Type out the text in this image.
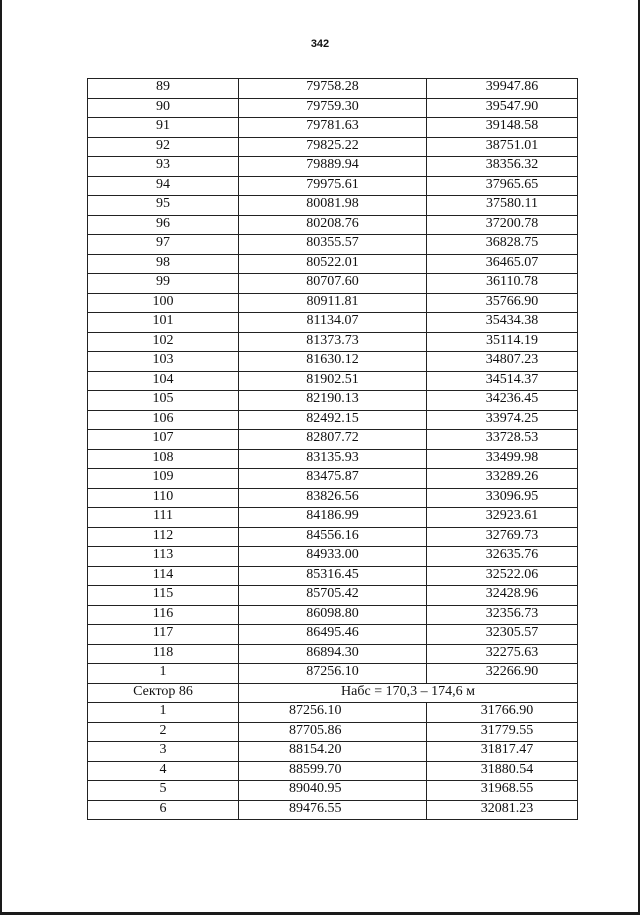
342
89	79758.28	39947.86
90	79759.30	39547.90
91	79781.63	39148.58
92	79825.22	38751.01
93	79889.94	38356.32
94	79975.61	37965.65
95	80081.98	37580.11
96	80208.76	37200.78
97	80355.57	36828.75
98	80522.01	36465.07
99	80707.60	36110.78
100	80911.81	35766.90
101	81134.07	35434.38
102	81373.73	35114.19
103	81630.12	34807.23
104	81902.51	34514.37
105	82190.13	34236.45
106	82492.15	33974.25
107	82807.72	33728.53
108	83135.93	33499.98
109	83475.87	33289.26
110	83826.56	33096.95
111	84186.99	32923.61
112	84556.16	32769.73
113	84933.00	32635.76
114	85316.45	32522.06
115	85705.42	32428.96
116	86098.80	32356.73
117	86495.46	32305.57
118	86894.30	32275.63
1	87256.10	32266.90
Сектор 86	Набс = 170,3 – 174,6 м	
1	87256.10	31766.90
2	87705.86	31779.55
3	88154.20	31817.47
4	88599.70	31880.54
5	89040.95	31968.55
6	89476.55	32081.23
